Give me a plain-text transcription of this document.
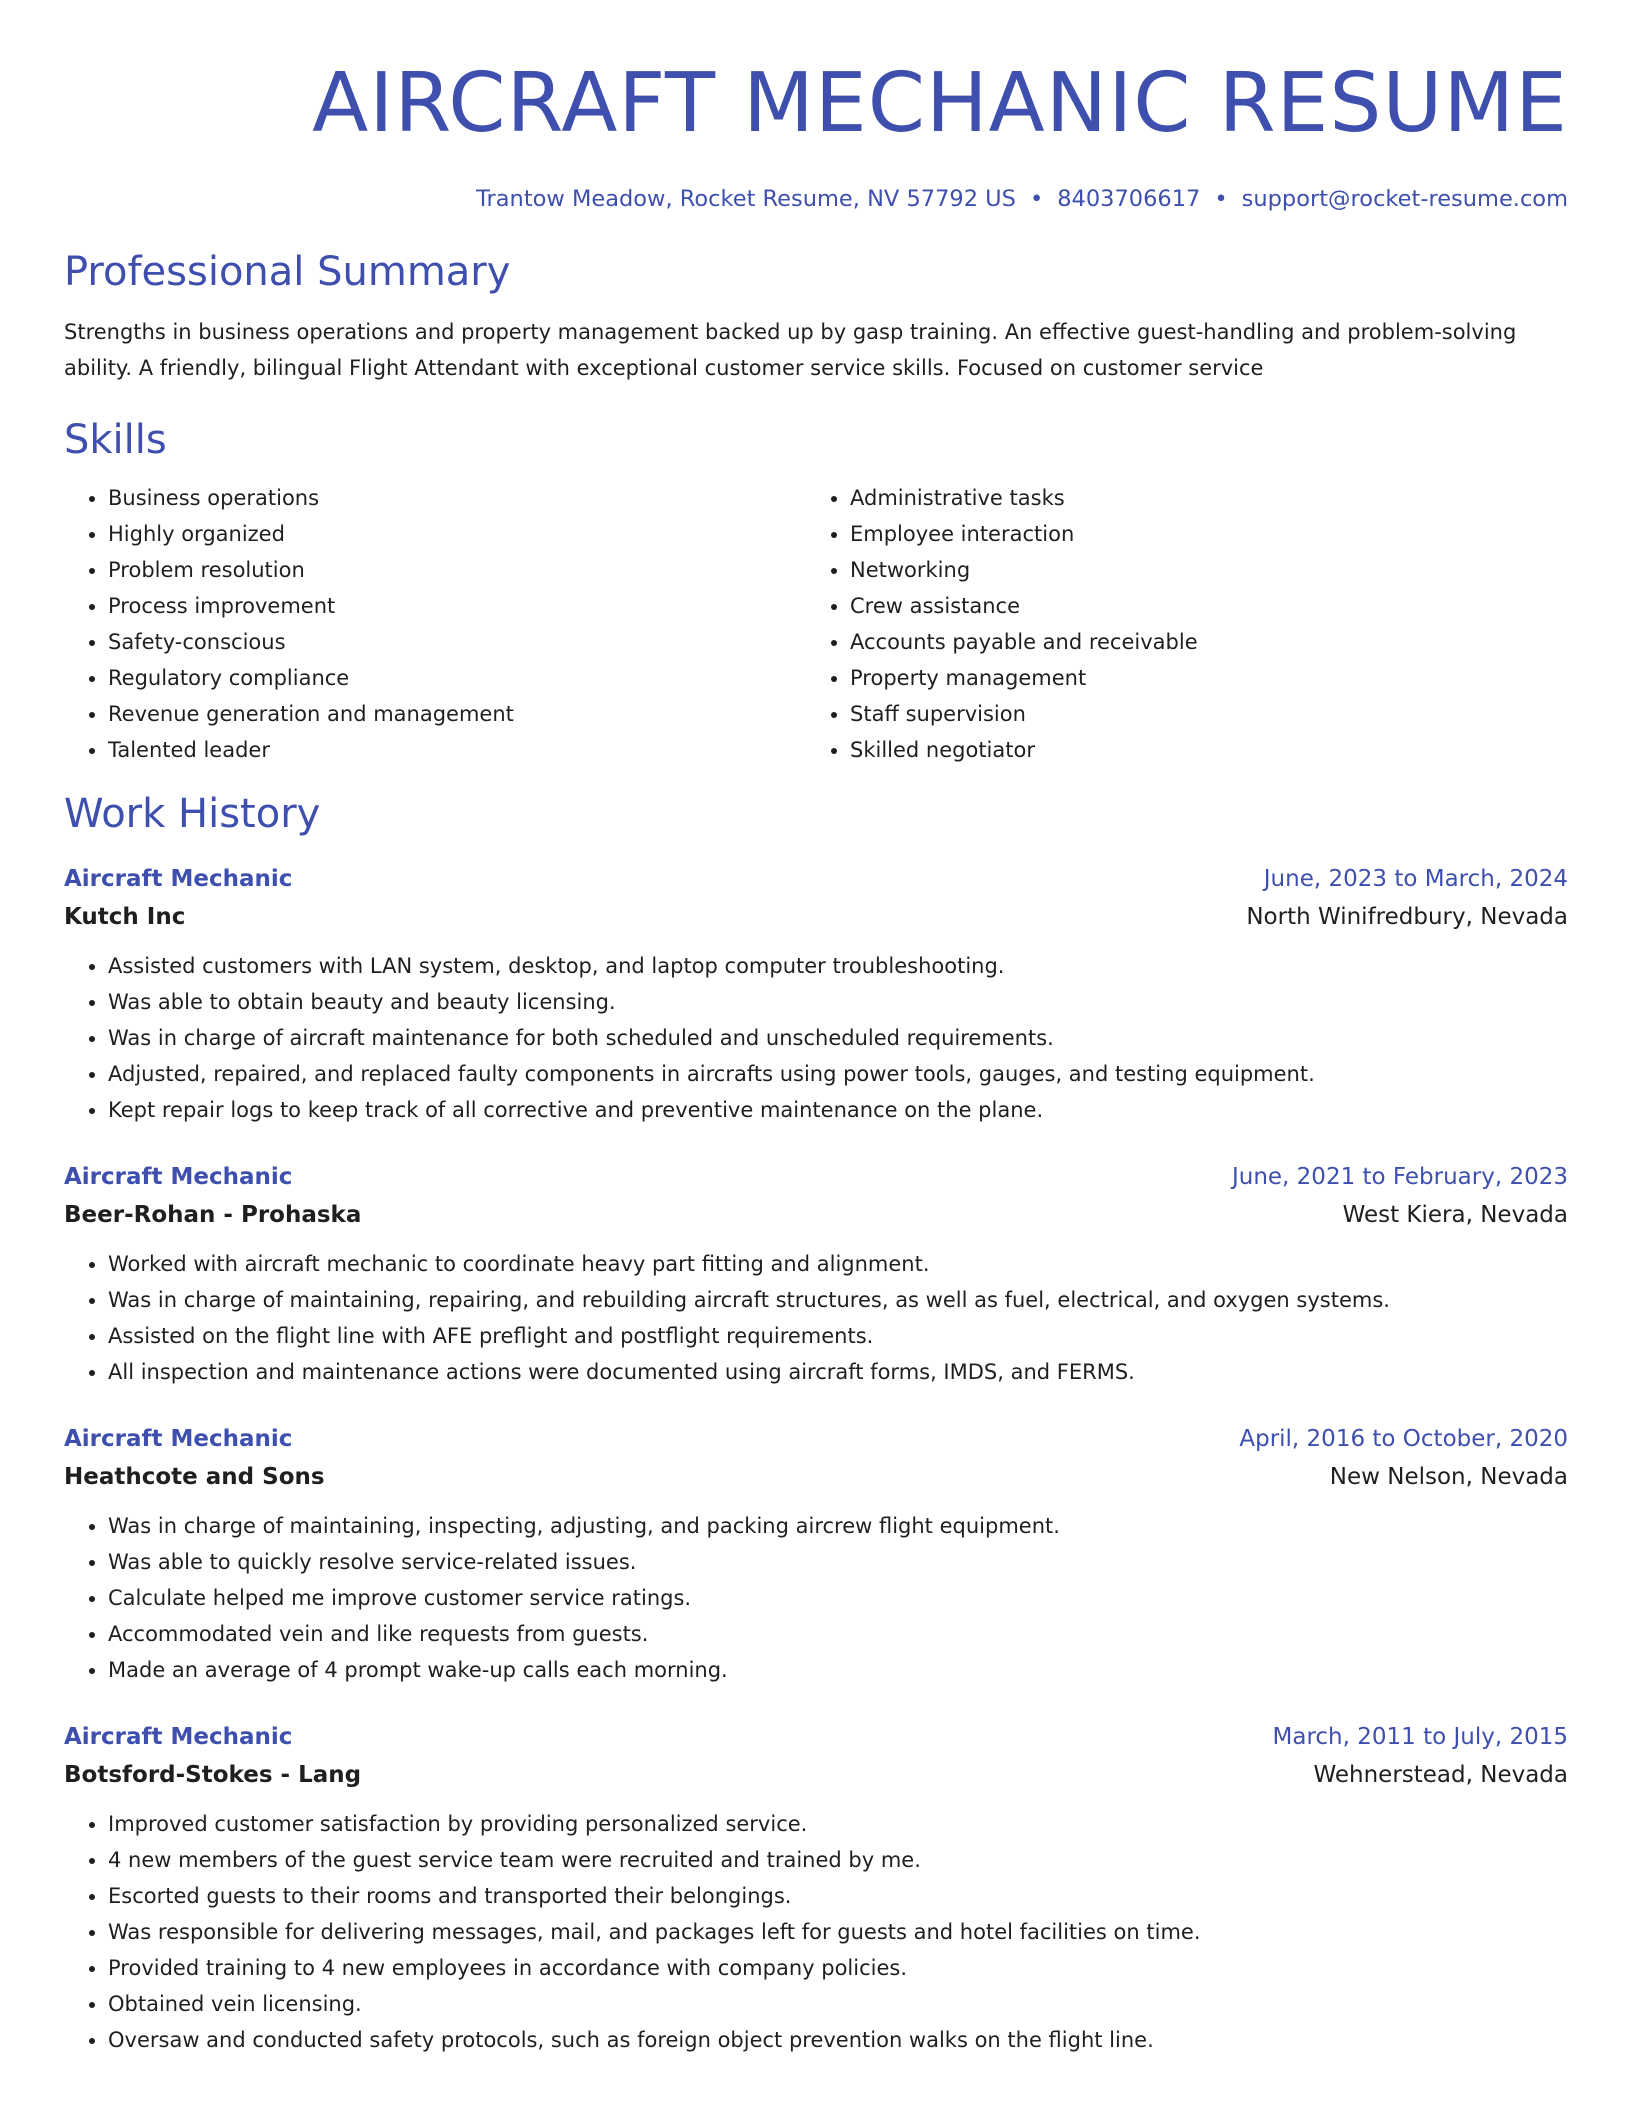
AIRCRAFT MECHANIC RESUME
Trantow Meadow, Rocket Resume, NV 57792 US • 8403706617 • support@rocket-resume.com
Professional Summary
Strengths in business operations and property management backed up by gasp training. An effective guest-handling and problem-solving ability. A friendly, bilingual Flight Attendant with exceptional customer service skills. Focused on customer service
Skills
• Business operations
• Highly organized
• Problem resolution
• Process improvement
• Safety-conscious
• Regulatory compliance
• Revenue generation and management
• Talented leader
• Administrative tasks
• Employee interaction
• Networking
• Crew assistance
• Accounts payable and receivable
• Property management
• Staff supervision
• Skilled negotiator
Work History
Aircraft Mechanic	June, 2023 to March, 2024
Kutch Inc	North Winifredbury, Nevada
• Assisted customers with LAN system, desktop, and laptop computer troubleshooting.
• Was able to obtain beauty and beauty licensing.
• Was in charge of aircraft maintenance for both scheduled and unscheduled requirements.
• Adjusted, repaired, and replaced faulty components in aircrafts using power tools, gauges, and testing equipment.
• Kept repair logs to keep track of all corrective and preventive maintenance on the plane.
Aircraft Mechanic	June, 2021 to February, 2023
Beer-Rohan - Prohaska	West Kiera, Nevada
• Worked with aircraft mechanic to coordinate heavy part fitting and alignment.
• Was in charge of maintaining, repairing, and rebuilding aircraft structures, as well as fuel, electrical, and oxygen systems.
• Assisted on the flight line with AFE preflight and postflight requirements.
• All inspection and maintenance actions were documented using aircraft forms, IMDS, and FERMS.
Aircraft Mechanic	April, 2016 to October, 2020
Heathcote and Sons	New Nelson, Nevada
• Was in charge of maintaining, inspecting, adjusting, and packing aircrew flight equipment.
• Was able to quickly resolve service-related issues.
• Calculate helped me improve customer service ratings.
• Accommodated vein and like requests from guests.
• Made an average of 4 prompt wake-up calls each morning.
Aircraft Mechanic	March, 2011 to July, 2015
Botsford-Stokes - Lang	Wehnerstead, Nevada
• Improved customer satisfaction by providing personalized service.
• 4 new members of the guest service team were recruited and trained by me.
• Escorted guests to their rooms and transported their belongings.
• Was responsible for delivering messages, mail, and packages left for guests and hotel facilities on time.
• Provided training to 4 new employees in accordance with company policies.
• Obtained vein licensing.
• Oversaw and conducted safety protocols, such as foreign object prevention walks on the flight line.
